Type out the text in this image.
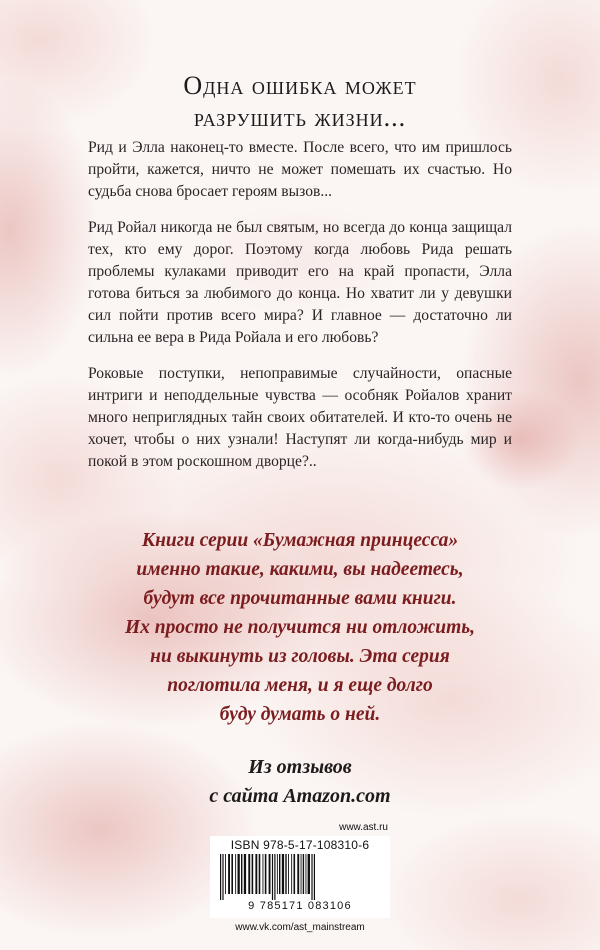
Одна ошибка может
разрушить жизни...

Рид и Элла наконец-то вместе. После всего, что им пришлось пройти, кажется, ничто не может помешать их счастью. Но судьба снова бросает героям вызов...

Рид Ройал никогда не был святым, но всегда до конца защищал тех, кто ему дорог. Поэтому когда любовь Рида решать проблемы кулаками приводит его на край пропасти, Элла готова биться за любимого до конца. Но хватит ли у девушки сил пойти против всего мира? И главное — достаточно ли сильна ее вера в Рида Ройала и его любовь?

Роковые поступки, непоправимые случайности, опасные интриги и неподдельные чувства — особняк Ройалов хранит много неприглядных тайн своих обитателей. И кто-то очень не хочет, чтобы о них узнали! Наступят ли когда-нибудь мир и покой в этом роскошном дворце?..

Книги серии «Бумажная принцесса»
именно такие, какими, вы надеетесь,
будут все прочитанные вами книги.
Их просто не получится ни отложить,
ни выкинуть из головы. Эта серия
поглотила меня, и я еще долго
буду думать о ней.
Из отзывов
с сайта Amazon.com
www.ast.ru
ISBN 978-5-17-108310-6
9 785171 083106
www.vk.com/ast_mainstream
